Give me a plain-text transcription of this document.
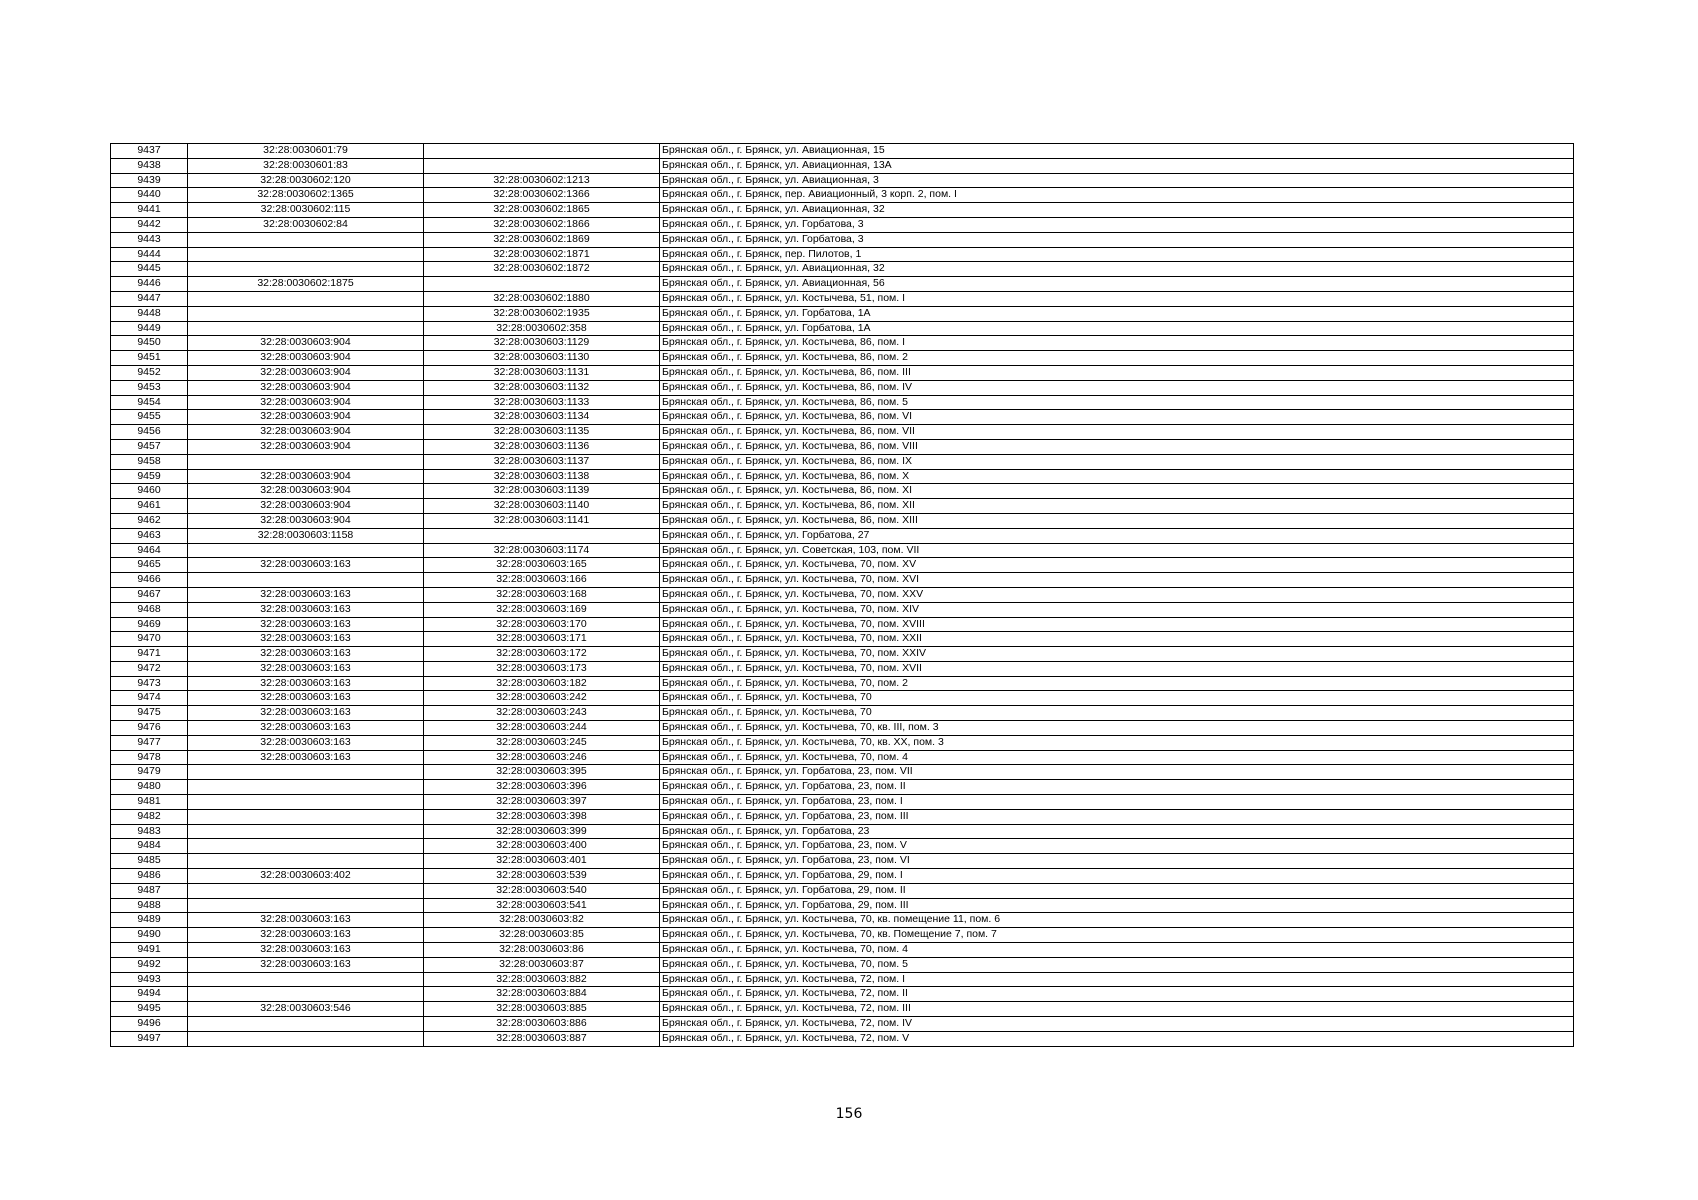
9437	32:28:0030601:79		Брянская обл., г. Брянск, ул. Авиационная, 15
9438	32:28:0030601:83		Брянская обл., г. Брянск, ул. Авиационная, 13А
9439	32:28:0030602:120	32:28:0030602:1213	Брянская обл., г. Брянск, ул. Авиационная, 3
9440	32:28:0030602:1365	32:28:0030602:1366	Брянская обл., г. Брянск, пер. Авиационный, 3 корп. 2, пом. I
9441	32:28:0030602:115	32:28:0030602:1865	Брянская обл., г. Брянск, ул. Авиационная, 32
9442	32:28:0030602:84	32:28:0030602:1866	Брянская обл., г. Брянск, ул. Горбатова, 3
9443		32:28:0030602:1869	Брянская обл., г. Брянск, ул. Горбатова, 3
9444		32:28:0030602:1871	Брянская обл., г. Брянск, пер. Пилотов, 1
9445		32:28:0030602:1872	Брянская обл., г. Брянск, ул. Авиационная, 32
9446	32:28:0030602:1875		Брянская обл., г. Брянск, ул. Авиационная, 56
9447		32:28:0030602:1880	Брянская обл., г. Брянск, ул. Костычева, 51, пом. I
9448		32:28:0030602:1935	Брянская обл., г. Брянск, ул. Горбатова, 1А
9449		32:28:0030602:358	Брянская обл., г. Брянск, ул. Горбатова, 1А
9450	32:28:0030603:904	32:28:0030603:1129	Брянская обл., г. Брянск, ул. Костычева, 86, пом. I
9451	32:28:0030603:904	32:28:0030603:1130	Брянская обл., г. Брянск, ул. Костычева, 86, пом. 2
9452	32:28:0030603:904	32:28:0030603:1131	Брянская обл., г. Брянск, ул. Костычева, 86, пом. III
9453	32:28:0030603:904	32:28:0030603:1132	Брянская обл., г. Брянск, ул. Костычева, 86, пом. IV
9454	32:28:0030603:904	32:28:0030603:1133	Брянская обл., г. Брянск, ул. Костычева, 86, пом. 5
9455	32:28:0030603:904	32:28:0030603:1134	Брянская обл., г. Брянск, ул. Костычева, 86, пом. VI
9456	32:28:0030603:904	32:28:0030603:1135	Брянская обл., г. Брянск, ул. Костычева, 86, пом. VII
9457	32:28:0030603:904	32:28:0030603:1136	Брянская обл., г. Брянск, ул. Костычева, 86, пом. VIII
9458		32:28:0030603:1137	Брянская обл., г. Брянск, ул. Костычева, 86, пом. IX
9459	32:28:0030603:904	32:28:0030603:1138	Брянская обл., г. Брянск, ул. Костычева, 86, пом. X
9460	32:28:0030603:904	32:28:0030603:1139	Брянская обл., г. Брянск, ул. Костычева, 86, пом. XI
9461	32:28:0030603:904	32:28:0030603:1140	Брянская обл., г. Брянск, ул. Костычева, 86, пом. XII
9462	32:28:0030603:904	32:28:0030603:1141	Брянская обл., г. Брянск, ул. Костычева, 86, пом. XIII
9463	32:28:0030603:1158		Брянская обл., г. Брянск, ул. Горбатова, 27
9464		32:28:0030603:1174	Брянская обл., г. Брянск, ул. Советская, 103, пом. VII
9465	32:28:0030603:163	32:28:0030603:165	Брянская обл., г. Брянск, ул. Костычева, 70, пом. XV
9466		32:28:0030603:166	Брянская обл., г. Брянск, ул. Костычева, 70, пом. XVI
9467	32:28:0030603:163	32:28:0030603:168	Брянская обл., г. Брянск, ул. Костычева, 70, пом. XXV
9468	32:28:0030603:163	32:28:0030603:169	Брянская обл., г. Брянск, ул. Костычева, 70, пом. XIV
9469	32:28:0030603:163	32:28:0030603:170	Брянская обл., г. Брянск, ул. Костычева, 70, пом. XVIII
9470	32:28:0030603:163	32:28:0030603:171	Брянская обл., г. Брянск, ул. Костычева, 70, пом. XXII
9471	32:28:0030603:163	32:28:0030603:172	Брянская обл., г. Брянск, ул. Костычева, 70, пом. XXIV
9472	32:28:0030603:163	32:28:0030603:173	Брянская обл., г. Брянск, ул. Костычева, 70, пом. XVII
9473	32:28:0030603:163	32:28:0030603:182	Брянская обл., г. Брянск, ул. Костычева, 70, пом. 2
9474	32:28:0030603:163	32:28:0030603:242	Брянская обл., г. Брянск, ул. Костычева, 70
9475	32:28:0030603:163	32:28:0030603:243	Брянская обл., г. Брянск, ул. Костычева, 70
9476	32:28:0030603:163	32:28:0030603:244	Брянская обл., г. Брянск, ул. Костычева, 70, кв. III, пом. 3
9477	32:28:0030603:163	32:28:0030603:245	Брянская обл., г. Брянск, ул. Костычева, 70, кв. XX, пом. 3
9478	32:28:0030603:163	32:28:0030603:246	Брянская обл., г. Брянск, ул. Костычева, 70, пом. 4
9479		32:28:0030603:395	Брянская обл., г. Брянск, ул. Горбатова, 23, пом. VII
9480		32:28:0030603:396	Брянская обл., г. Брянск, ул. Горбатова, 23, пом. II
9481		32:28:0030603:397	Брянская обл., г. Брянск, ул. Горбатова, 23, пом. I
9482		32:28:0030603:398	Брянская обл., г. Брянск, ул. Горбатова, 23, пом. III
9483		32:28:0030603:399	Брянская обл., г. Брянск, ул. Горбатова, 23
9484		32:28:0030603:400	Брянская обл., г. Брянск, ул. Горбатова, 23, пом. V
9485		32:28:0030603:401	Брянская обл., г. Брянск, ул. Горбатова, 23, пом. VI
9486	32:28:0030603:402	32:28:0030603:539	Брянская обл., г. Брянск, ул. Горбатова, 29, пом. I
9487		32:28:0030603:540	Брянская обл., г. Брянск, ул. Горбатова, 29, пом. II
9488		32:28:0030603:541	Брянская обл., г. Брянск, ул. Горбатова, 29, пом. III
9489	32:28:0030603:163	32:28:0030603:82	Брянская обл., г. Брянск, ул. Костычева, 70, кв. помещение 11, пом. 6
9490	32:28:0030603:163	32:28:0030603:85	Брянская обл., г. Брянск, ул. Костычева, 70, кв. Помещение 7, пом. 7
9491	32:28:0030603:163	32:28:0030603:86	Брянская обл., г. Брянск, ул. Костычева, 70, пом. 4
9492	32:28:0030603:163	32:28:0030603:87	Брянская обл., г. Брянск, ул. Костычева, 70, пом. 5
9493		32:28:0030603:882	Брянская обл., г. Брянск, ул. Костычева, 72, пом. I
9494		32:28:0030603:884	Брянская обл., г. Брянск, ул. Костычева, 72, пом. II
9495	32:28:0030603:546	32:28:0030603:885	Брянская обл., г. Брянск, ул. Костычева, 72, пом. III
9496		32:28:0030603:886	Брянская обл., г. Брянск, ул. Костычева, 72, пом. IV
9497		32:28:0030603:887	Брянская обл., г. Брянск, ул. Костычева, 72, пом. V
156
